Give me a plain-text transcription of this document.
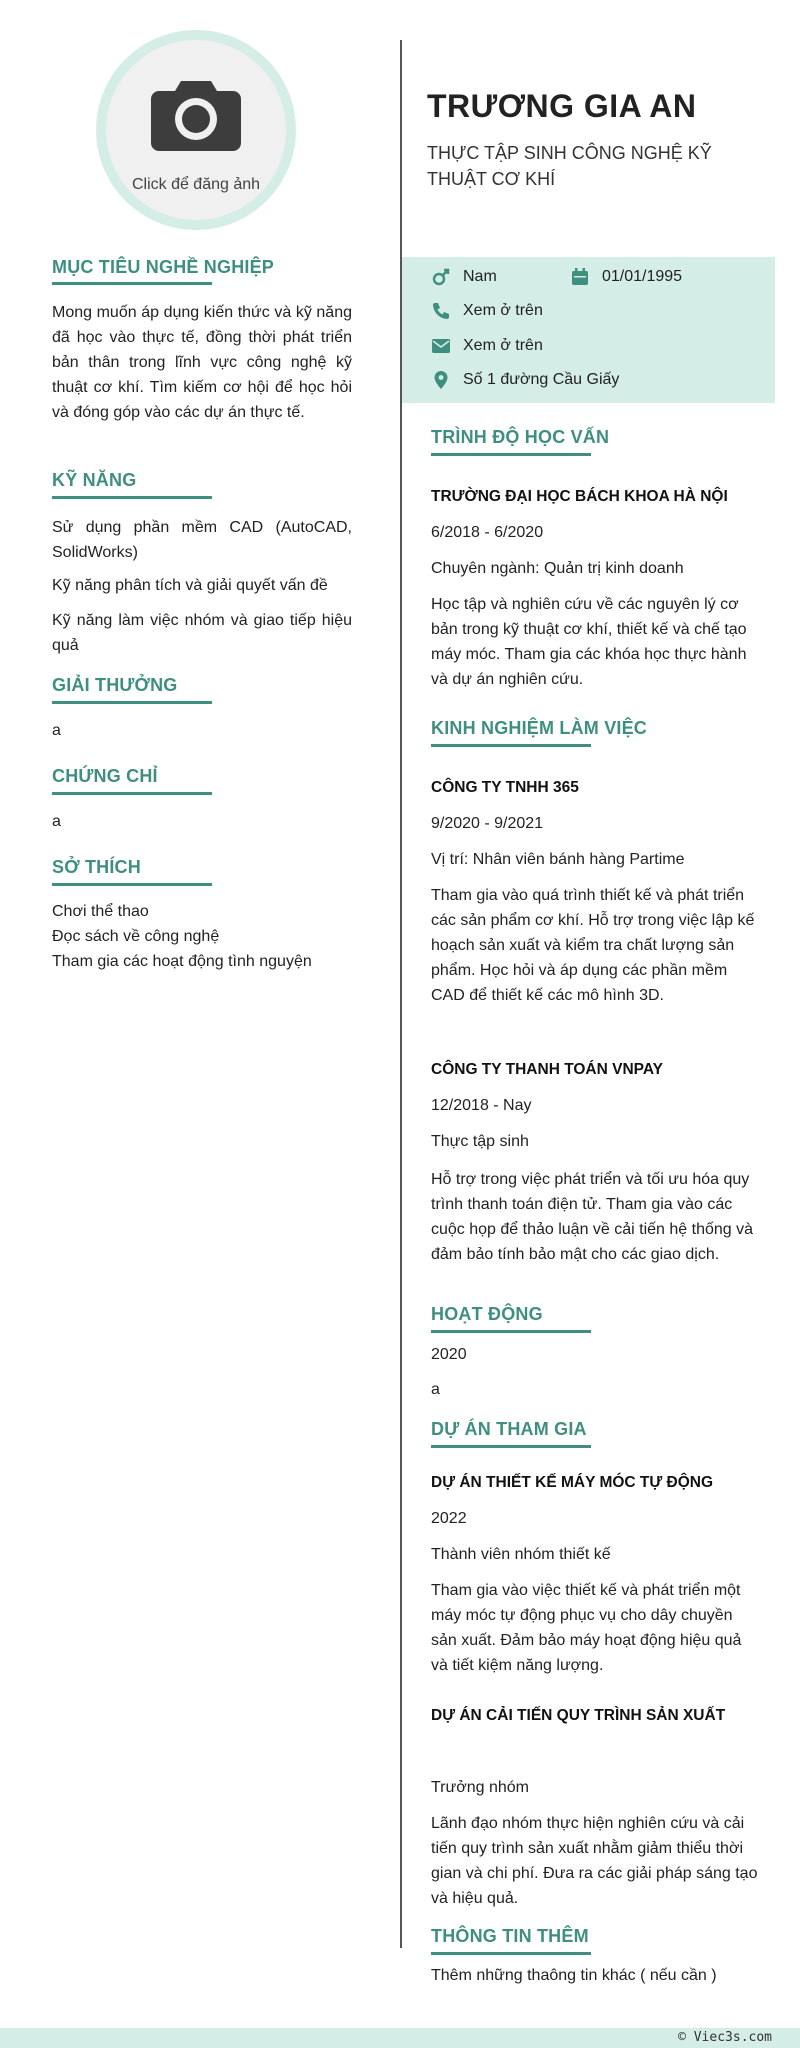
Click để đăng ảnh
MỤC TIÊU NGHỀ NGHIỆP
Mong muốn áp dụng kiến thức và kỹ năng đã học vào thực tế, đồng thời phát triển bản thân trong lĩnh vực công nghệ kỹ thuật cơ khí. Tìm kiếm cơ hội để học hỏi và đóng góp vào các dự án thực tế.
KỸ NĂNG
Sử dụng phần mềm CAD (AutoCAD, SolidWorks)
Kỹ năng phân tích và giải quyết vấn đề
Kỹ năng làm việc nhóm và giao tiếp hiệu quả
GIẢI THƯỞNG
a
CHỨNG CHỈ
a
SỞ THÍCH
Chơi thể thao
Đọc sách về công nghệ
Tham gia các hoạt động tình nguyện
TRƯƠNG GIA AN
THỰC TẬP SINH CÔNG NGHỆ KỸ THUẬT CƠ KHÍ
Nam	01/01/1995
Xem ở trên
Xem ở trên
Số 1 đường Cầu Giấy
TRÌNH ĐỘ HỌC VẤN
TRƯỜNG ĐẠI HỌC BÁCH KHOA HÀ NỘI
6/2018 - 6/2020
Chuyên ngành: Quản trị kinh doanh
Học tập và nghiên cứu về các nguyên lý cơ bản trong kỹ thuật cơ khí, thiết kế và chế tạo máy móc. Tham gia các khóa học thực hành và dự án nghiên cứu.
KINH NGHIỆM LÀM VIỆC
CÔNG TY TNHH 365
9/2020 - 9/2021
Vị trí: Nhân viên bánh hàng Partime
Tham gia vào quá trình thiết kế và phát triển các sản phẩm cơ khí. Hỗ trợ trong việc lập kế hoạch sản xuất và kiểm tra chất lượng sản phẩm. Học hỏi và áp dụng các phần mềm CAD để thiết kế các mô hình 3D.
CÔNG TY THANH TOÁN VNPAY
12/2018 - Nay
Thực tập sinh
Hỗ trợ trong việc phát triển và tối ưu hóa quy trình thanh toán điện tử. Tham gia vào các cuộc họp để thảo luận về cải tiến hệ thống và đảm bảo tính bảo mật cho các giao dịch.
HOẠT ĐỘNG
2020
a
DỰ ÁN THAM GIA
DỰ ÁN THIẾT KẾ MÁY MÓC TỰ ĐỘNG
2022
Thành viên nhóm thiết kế
Tham gia vào việc thiết kế và phát triển một máy móc tự động phục vụ cho dây chuyền sản xuất. Đảm bảo máy hoạt động hiệu quả và tiết kiệm năng lượng.
DỰ ÁN CẢI TIẾN QUY TRÌNH SẢN XUẤT
Trưởng nhóm
Lãnh đạo nhóm thực hiện nghiên cứu và cải tiến quy trình sản xuất nhằm giảm thiểu thời gian và chi phí. Đưa ra các giải pháp sáng tạo và hiệu quả.
THÔNG TIN THÊM
Thêm những thaông tin khác ( nếu cần )
© Viec3s.com
